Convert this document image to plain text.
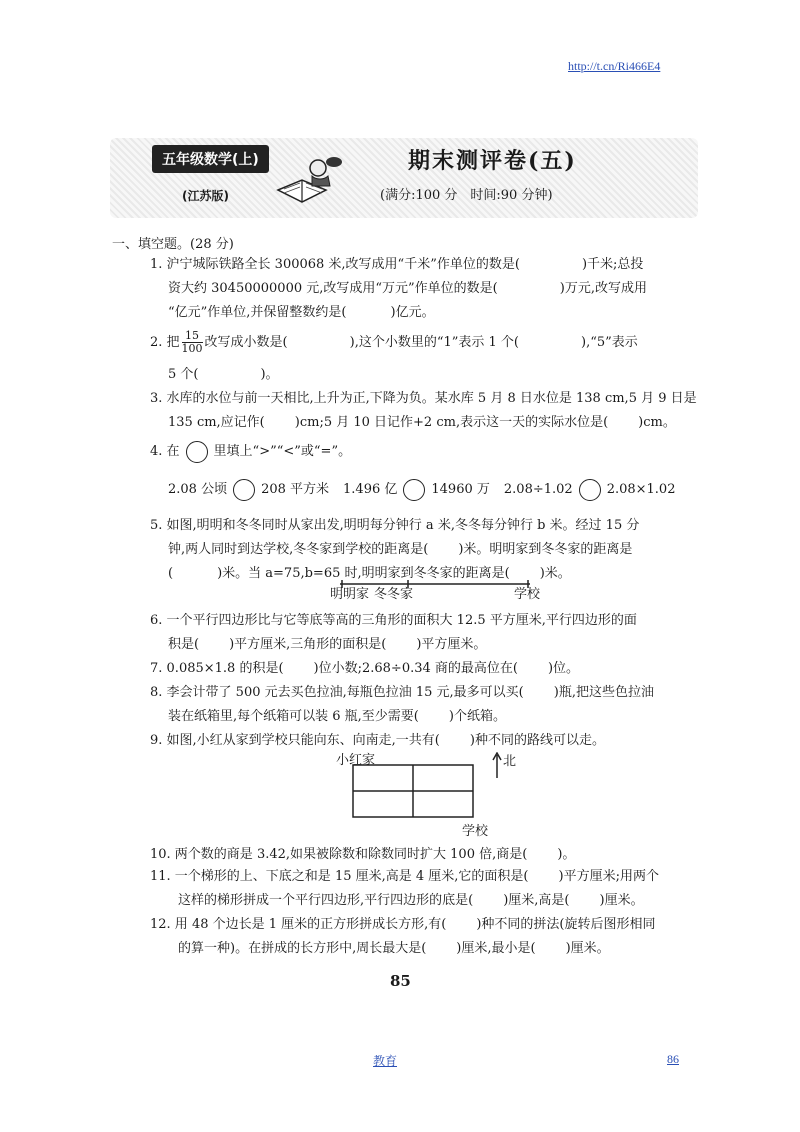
http://t.cn/Ri466E4
五年级数学(上)
(江苏版)
期末测评卷(五)
(满分:100 分　时间:90 分钟)
一、填空题。(28 分)
1. 沪宁城际铁路全长 300068 米,改写成用“千米”作单位的数是(	)千米;总投
资大约 30450000000 元,改写成用“万元”作单位的数是(	)万元,改写成用
“亿元”作单位,并保留整数约是(	)亿元。
2. 把 $\frac{15}{100}$ 改写成小数是(	),这个小数里的“1”表示 1 个(	),“5”表示
5 个(	)。
3. 水库的水位与前一天相比,上升为正,下降为负。某水库 5 月 8 日水位是 138 cm,5 月 9 日是
135 cm,应记作( )cm;5 月 10 日记作+2 cm,表示这一天的实际水位是( )cm。
4. 在	里填上“>”“<”或“=”。
2.08 公顷	208 平方米 1.496 亿	14960 万 2.08÷1.02	2.08×1.02
5. 如图,明明和冬冬同时从家出发,明明每分钟行 a 米,冬冬每分钟行 b 米。经过 15 分
钟,两人同时到达学校,冬冬家到学校的距离是( )米。明明家到冬冬家的距离是
(	)米。当 a=75,b=65 时,明明家到冬冬家的距离是( )米。
明明家 冬冬家	学校
6. 一个平行四边形比与它等底等高的三角形的面积大 12.5 平方厘米,平行四边形的面
积是( )平方厘米,三角形的面积是( )平方厘米。
7. 0.085×1.8 的积是( )位小数;2.68÷0.34 商的最高位在( )位。
8. 李会计带了 500 元去买色拉油,每瓶色拉油 15 元,最多可以买( )瓶,把这些色拉油
装在纸箱里,每个纸箱可以装 6 瓶,至少需要( )个纸箱。
9. 如图,小红从家到学校只能向东、向南走,一共有( )种不同的路线可以走。
小红家	北
学校
10. 两个数的商是 3.42,如果被除数和除数同时扩大 100 倍,商是( )。
11. 一个梯形的上、下底之和是 15 厘米,高是 4 厘米,它的面积是( )平方厘米;用两个
这样的梯形拼成一个平行四边形,平行四边形的底是( )厘米,高是( )厘米。
12. 用 48 个边长是 1 厘米的正方形拼成长方形,有( )种不同的拼法(旋转后图形相同
的算一种)。在拼成的长方形中,周长最大是( )厘米,最小是( )厘米。
85
教育	86
